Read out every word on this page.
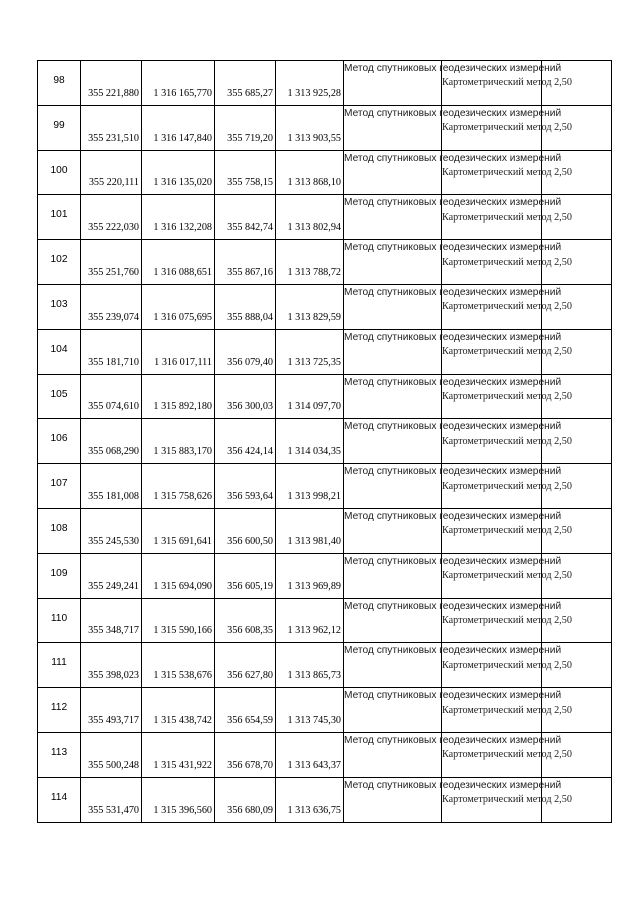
98	355 221,880	1 316 165,770	355 685,27	1 313 925,28	Метод спутниковых геодезических измерений	Картометрический метод 2,50	

99	355 231,510	1 316 147,840	355 719,20	1 313 903,55	Метод спутниковых геодезических измерений	Картометрический метод 2,50	

100	355 220,111	1 316 135,020	355 758,15	1 313 868,10	Метод спутниковых геодезических измерений	Картометрический метод 2,50	

101	355 222,030	1 316 132,208	355 842,74	1 313 802,94	Метод спутниковых геодезических измерений	Картометрический метод 2,50	

102	355 251,760	1 316 088,651	355 867,16	1 313 788,72	Метод спутниковых геодезических измерений	Картометрический метод 2,50	

103	355 239,074	1 316 075,695	355 888,04	1 313 829,59	Метод спутниковых геодезических измерений	Картометрический метод 2,50	

104	355 181,710	1 316 017,111	356 079,40	1 313 725,35	Метод спутниковых геодезических измерений	Картометрический метод 2,50	

105	355 074,610	1 315 892,180	356 300,03	1 314 097,70	Метод спутниковых геодезических измерений	Картометрический метод 2,50	

106	355 068,290	1 315 883,170	356 424,14	1 314 034,35	Метод спутниковых геодезических измерений	Картометрический метод 2,50	

107	355 181,008	1 315 758,626	356 593,64	1 313 998,21	Метод спутниковых геодезических измерений	Картометрический метод 2,50	

108	355 245,530	1 315 691,641	356 600,50	1 313 981,40	Метод спутниковых геодезических измерений	Картометрический метод 2,50	

109	355 249,241	1 315 694,090	356 605,19	1 313 969,89	Метод спутниковых геодезических измерений	Картометрический метод 2,50	

110	355 348,717	1 315 590,166	356 608,35	1 313 962,12	Метод спутниковых геодезических измерений	Картометрический метод 2,50	

111	355 398,023	1 315 538,676	356 627,80	1 313 865,73	Метод спутниковых геодезических измерений	Картометрический метод 2,50	

112	355 493,717	1 315 438,742	356 654,59	1 313 745,30	Метод спутниковых геодезических измерений	Картометрический метод 2,50	

113	355 500,248	1 315 431,922	356 678,70	1 313 643,37	Метод спутниковых геодезических измерений	Картометрический метод 2,50	

114	355 531,470	1 315 396,560	356 680,09	1 313 636,75	Метод спутниковых геодезических измерений	Картометрический метод 2,50	
